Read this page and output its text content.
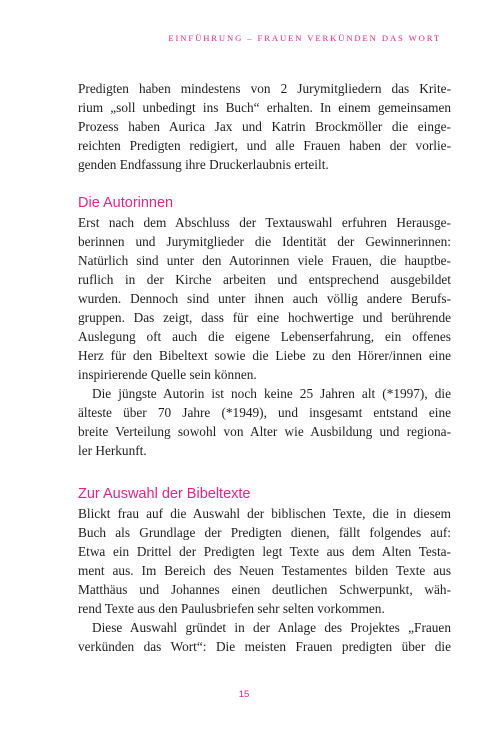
EINFÜHRUNG – FRAUEN VERKÜNDEN DAS WORT

Predigten haben mindestens von 2 Jurymitgliedern das Krite-
rium „soll unbedingt ins Buch“ erhalten. In einem gemeinsamen
Prozess haben Aurica Jax und Katrin Brockmöller die einge-
reichten Predigten redigiert, und alle Frauen haben der vorlie-
genden Endfassung ihre Druckerlaubnis erteilt.

Die Autorinnen

Erst nach dem Abschluss der Textauswahl erfuhren Herausge-
berinnen und Jurymitglieder die Identität der Gewinnerinnen:
Natürlich sind unter den Autorinnen viele Frauen, die hauptbe-
ruflich in der Kirche arbeiten und entsprechend ausgebildet
wurden. Dennoch sind unter ihnen auch völlig andere Berufs-
gruppen. Das zeigt, dass für eine hochwertige und berührende
Auslegung oft auch die eigene Lebenserfahrung, ein offenes
Herz für den Bibeltext sowie die Liebe zu den Hörer/innen eine
inspirierende Quelle sein können.

Die jüngste Autorin ist noch keine 25 Jahren alt (*1997), die
älteste über 70 Jahre (*1949), und insgesamt entstand eine
breite Verteilung sowohl von Alter wie Ausbildung und regiona-
ler Herkunft.

Zur Auswahl der Bibeltexte

Blickt frau auf die Auswahl der biblischen Texte, die in diesem
Buch als Grundlage der Predigten dienen, fällt folgendes auf:
Etwa ein Drittel der Predigten legt Texte aus dem Alten Testa-
ment aus. Im Bereich des Neuen Testamentes bilden Texte aus
Matthäus und Johannes einen deutlichen Schwerpunkt, wäh-
rend Texte aus den Paulusbriefen sehr selten vorkommen.

Diese Auswahl gründet in der Anlage des Projektes „Frauen
verkünden das Wort“: Die meisten Frauen predigten über die

15
